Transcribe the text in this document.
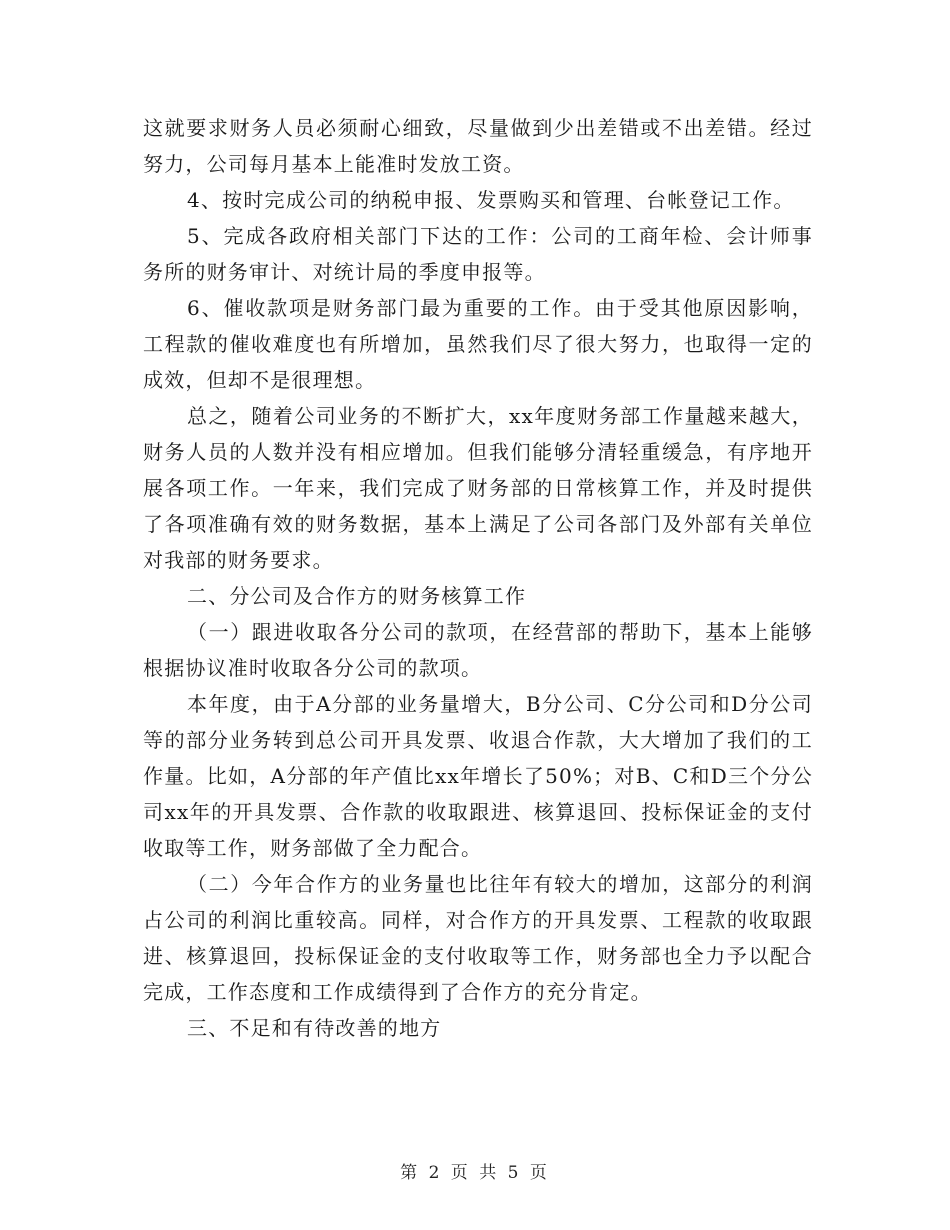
这就要求财务人员必须耐心细致，尽量做到少出差错或不出差错。经过努力，公司每月基本上能准时发放工资。

4、按时完成公司的纳税申报、发票购买和管理、台帐登记工作。

5、完成各政府相关部门下达的工作：公司的工商年检、会计师事务所的财务审计、对统计局的季度申报等。

6、催收款项是财务部门最为重要的工作。由于受其他原因影响，工程款的催收难度也有所增加，虽然我们尽了很大努力，也取得一定的成效，但却不是很理想。

总之，随着公司业务的不断扩大，xx年度财务部工作量越来越大，财务人员的人数并没有相应增加。但我们能够分清轻重缓急，有序地开展各项工作。一年来，我们完成了财务部的日常核算工作，并及时提供了各项准确有效的财务数据，基本上满足了公司各部门及外部有关单位对我部的财务要求。

二、分公司及合作方的财务核算工作

（一）跟进收取各分公司的款项，在经营部的帮助下，基本上能够根据协议准时收取各分公司的款项。

本年度，由于A分部的业务量增大，B分公司、C分公司和D分公司等的部分业务转到总公司开具发票、收退合作款，大大增加了我们的工作量。比如，A分部的年产值比xx年增长了50%；对B、C和D三个分公司xx年的开具发票、合作款的收取跟进、核算退回、投标保证金的支付收取等工作，财务部做了全力配合。

（二）今年合作方的业务量也比往年有较大的增加，这部分的利润占公司的利润比重较高。同样，对合作方的开具发票、工程款的收取跟进、核算退回，投标保证金的支付收取等工作，财务部也全力予以配合完成，工作态度和工作成绩得到了合作方的充分肯定。

三、不足和有待改善的地方

第 2 页 共 5 页
